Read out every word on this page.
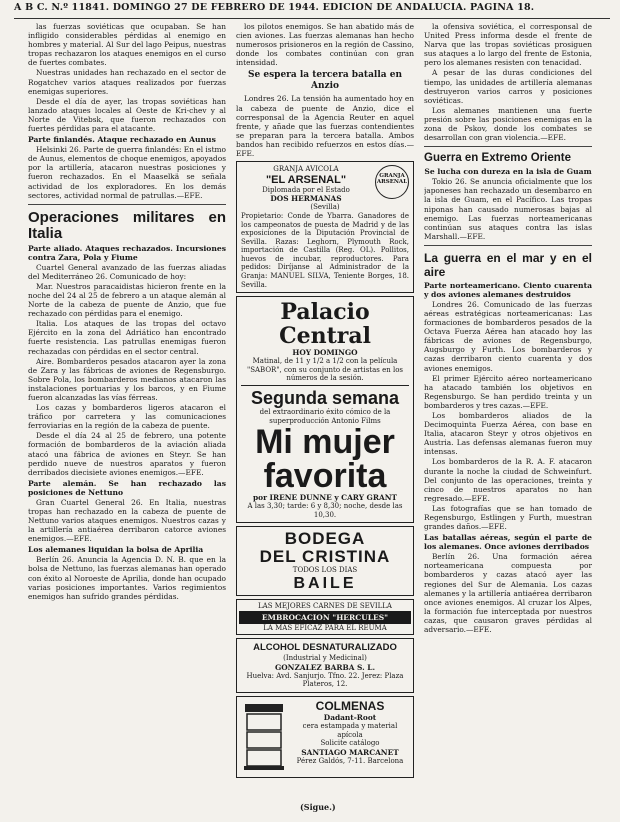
A B C. N.º 11841. DOMINGO 27 DE FEBRERO DE 1944. EDICION DE ANDALUCIA. PAGINA 18.

las fuerzas soviéticas que ocupaban. Se han infligido considerables pérdidas al enemigo en hombres y material. Al Sur del lago Peipus, nuestras tropas rechazaron los ataques enemigos en el curso de fuertes combates.

Nuestras unidades han rechazado en el sector de Rogatchev varios ataques realizados por fuerzas enemigas superiores.

Desde el día de ayer, las tropas soviéticas han lanzado ataques locales al Oeste de Kri-chev y al Norte de Vitebsk, que fueron rechazados con fuertes pérdidas para el atacante.

Parte finlandés. Ataque rechazado en Aunus

Helsinki 26. Parte de guerra finlandés: En el istmo de Aunus, elementos de choque enemigos, apoyados por la artillería, atacaron nuestras posiciones y fueron rechazados. En el Maaselkä se señala actividad de los exploradores. En los demás sectores, actividad normal de patrullas.—EFE.

Operaciones militares en Italia
Parte aliado. Ataques rechazados. Incursiones contra Zara, Pola y Fiume

Cuartel General avanzado de las fuerzas aliadas del Mediterráneo 26. Comunicado de hoy:

Mar. Nuestros paracaidistas hicieron frente en la noche del 24 al 25 de febrero a un ataque alemán al Norte de la cabeza de puente de Anzio, que fue rechazado con pérdidas para el enemigo.

Italia. Los ataques de las tropas del octavo Ejército en la zona del Adriático han encontrado fuerte resistencia. Las patrullas enemigas fueron rechazadas con pérdidas en el sector central.

Aire. Bombarderos pesados atacaron ayer la zona de Zara y las fábricas de aviones de Regensburgo. Sobre Pola, los bombarderos medianos atacaron las instalaciones portuarias y los barcos, y en Fiume fueron alcanzadas las vías férreas.

Los cazas y bombarderos ligeros atacaron el tráfico por carretera y las comunicaciones ferroviarias en la región de la cabeza de puente.

Desde el día 24 al 25 de febrero, una potente formación de bombarderos de la aviación aliada atacó una fábrica de aviones en Steyr. Se han perdido nueve de nuestros aparatos y fueron derribados diecisiete aviones enemigos.—EFE.

Parte alemán. Se han rechazado las posiciones de Nettuno

Gran Cuartel General 26. En Italia, nuestras tropas han rechazado en la cabeza de puente de Nettuno varios ataques enemigos. Nuestros cazas y la artillería antiaérea derribaron catorce aviones enemigos.—EFE.

Los alemanes liquidan la bolsa de Aprilia

Berlín 26. Anuncia la Agencia D. N. B. que en la bolsa de Nettuno, las fuerzas alemanas han operado con éxito al Noroeste de Aprilia, donde han ocupado varias posiciones importantes. Varios regimientos enemigos han sufrido grandes pérdidas.

los pilotos enemigos. Se han abatido más de cien aviones. Las fuerzas alemanas han hecho numerosos prisioneros en la región de Cassino, donde los combates continúan con gran intensidad.

Se espera la tercera batalla en Anzio

Londres 26. La tensión ha aumentado hoy en la cabeza de puente de Anzio, dice el corresponsal de la Agencia Reuter en aquel frente, y añade que las fuerzas contendientes se preparan para la tercera batalla. Ambos bandos han recibido refuerzos en estos días.—EFE.

GRANJA ARSENAL
GRANJA AVICOLA
"EL ARSENAL"
Diplomada por el Estado
DOS HERMANAS
(Sevilla)
Propietario: Conde de Ybarra. Ganadores de los campeonatos de puesta de Madrid y de las exposiciones de la Diputación Provincial de Sevilla. Razas: Leghorn, Plymouth Rock, importación de Castilla (Reg. OL). Pollitos, huevos de incubar, reproductores. Para pedidos: Diríjanse al Administrador de la Granja: MANUEL SILVA, Teniente Borges, 18. Sevilla.
Palacio Central
HOY DOMINGO
Matinal, de 11 y 1/2 a 1/2 con la película "SABOR", con su conjunto de artistas en los números de la sesión.
Segunda semana
del extraordinario éxito cómico de la superproducción Antonio Films
Mi mujer favorita
por IRENE DUNNE y CARY GRANT
A las 3,30; tarde: 6 y 8,30; noche, desde las 10,30.
BODEGA
DEL CRISTINA
TODOS LOS DIAS
BAILE
LAS MEJORES CARNES DE SEVILLA
EMBROCACION "HERCULES"
LA MAS EFICAZ PARA EL REUMA
ALCOHOL DESNATURALIZADO
(Industrial y Medicinal)
GONZALEZ BARBA S. L.
Huelva: Avd. Sanjurjo. Tfno. 22. Jerez: Plaza Plateros, 12.
COLMENAS
Dadant-Root
cera estampada y material apícola
Solicite catálogo
SANTIAGO MARCANET
Pérez Galdós, 7-11. Barcelona

la ofensiva soviética, el corresponsal de United Press informa desde el frente de Narva que las tropas soviéticas prosiguen sus ataques a lo largo del frente de Estonia, pero los alemanes resisten con tenacidad.

A pesar de las duras condiciones del tiempo, las unidades de artillería alemanas destruyeron varios carros y posiciones soviéticas.

Los alemanes mantienen una fuerte presión sobre las posiciones enemigas en la zona de Pskov, donde los combates se desarrollan con gran violencia.—EFE.

Guerra en Extremo Oriente
Se lucha con dureza en la isla de Guam

Tokio 26. Se anuncia oficialmente que los japoneses han rechazado un desembarco en la isla de Guam, en el Pacífico. Las tropas niponas han causado numerosas bajas al enemigo. Las fuerzas norteamericanas continúan sus ataques contra las islas Marshall.—EFE.

La guerra en el mar y en el aire
Parte norteamericano. Ciento cuarenta y dos aviones alemanes destruidos

Londres 26. Comunicado de las fuerzas aéreas estratégicas norteamericanas: Las formaciones de bombarderos pesados de la Octava Fuerza Aérea han atacado hoy las fábricas de aviones de Regensburgo, Augsburgo y Furth. Los bombarderos y cazas derribaron ciento cuarenta y dos aviones enemigos.

El primer Ejército aéreo norteamericano ha atacado también los objetivos en Regensburgo. Se han perdido treinta y un bombarderos y tres cazas.—EFE.

Los bombarderos aliados de la Decimoquinta Fuerza Aérea, con base en Italia, atacaron Steyr y otros objetivos en Austria. Las defensas alemanas fueron muy intensas.

Los bombarderos de la R. A. F. atacaron durante la noche la ciudad de Schweinfurt. Del conjunto de las operaciones, treinta y cinco de nuestros aparatos no han regresado.—EFE.

Las fotografías que se han tomado de Regensburgo, Estlingen y Furth, muestran grandes daños.—EFE.

Las batallas aéreas, según el parte de los alemanes. Once aviones derribados

Berlín 26. Una formación aérea norteamericana compuesta por bombarderos y cazas atacó ayer las regiones del Sur de Alemania. Los cazas alemanes y la artillería antiaérea derribaron once aviones enemigos. Al cruzar los Alpes, la formación fue interceptada por nuestros cazas, que causaron graves pérdidas al adversario.—EFE.

(Sigue.)
